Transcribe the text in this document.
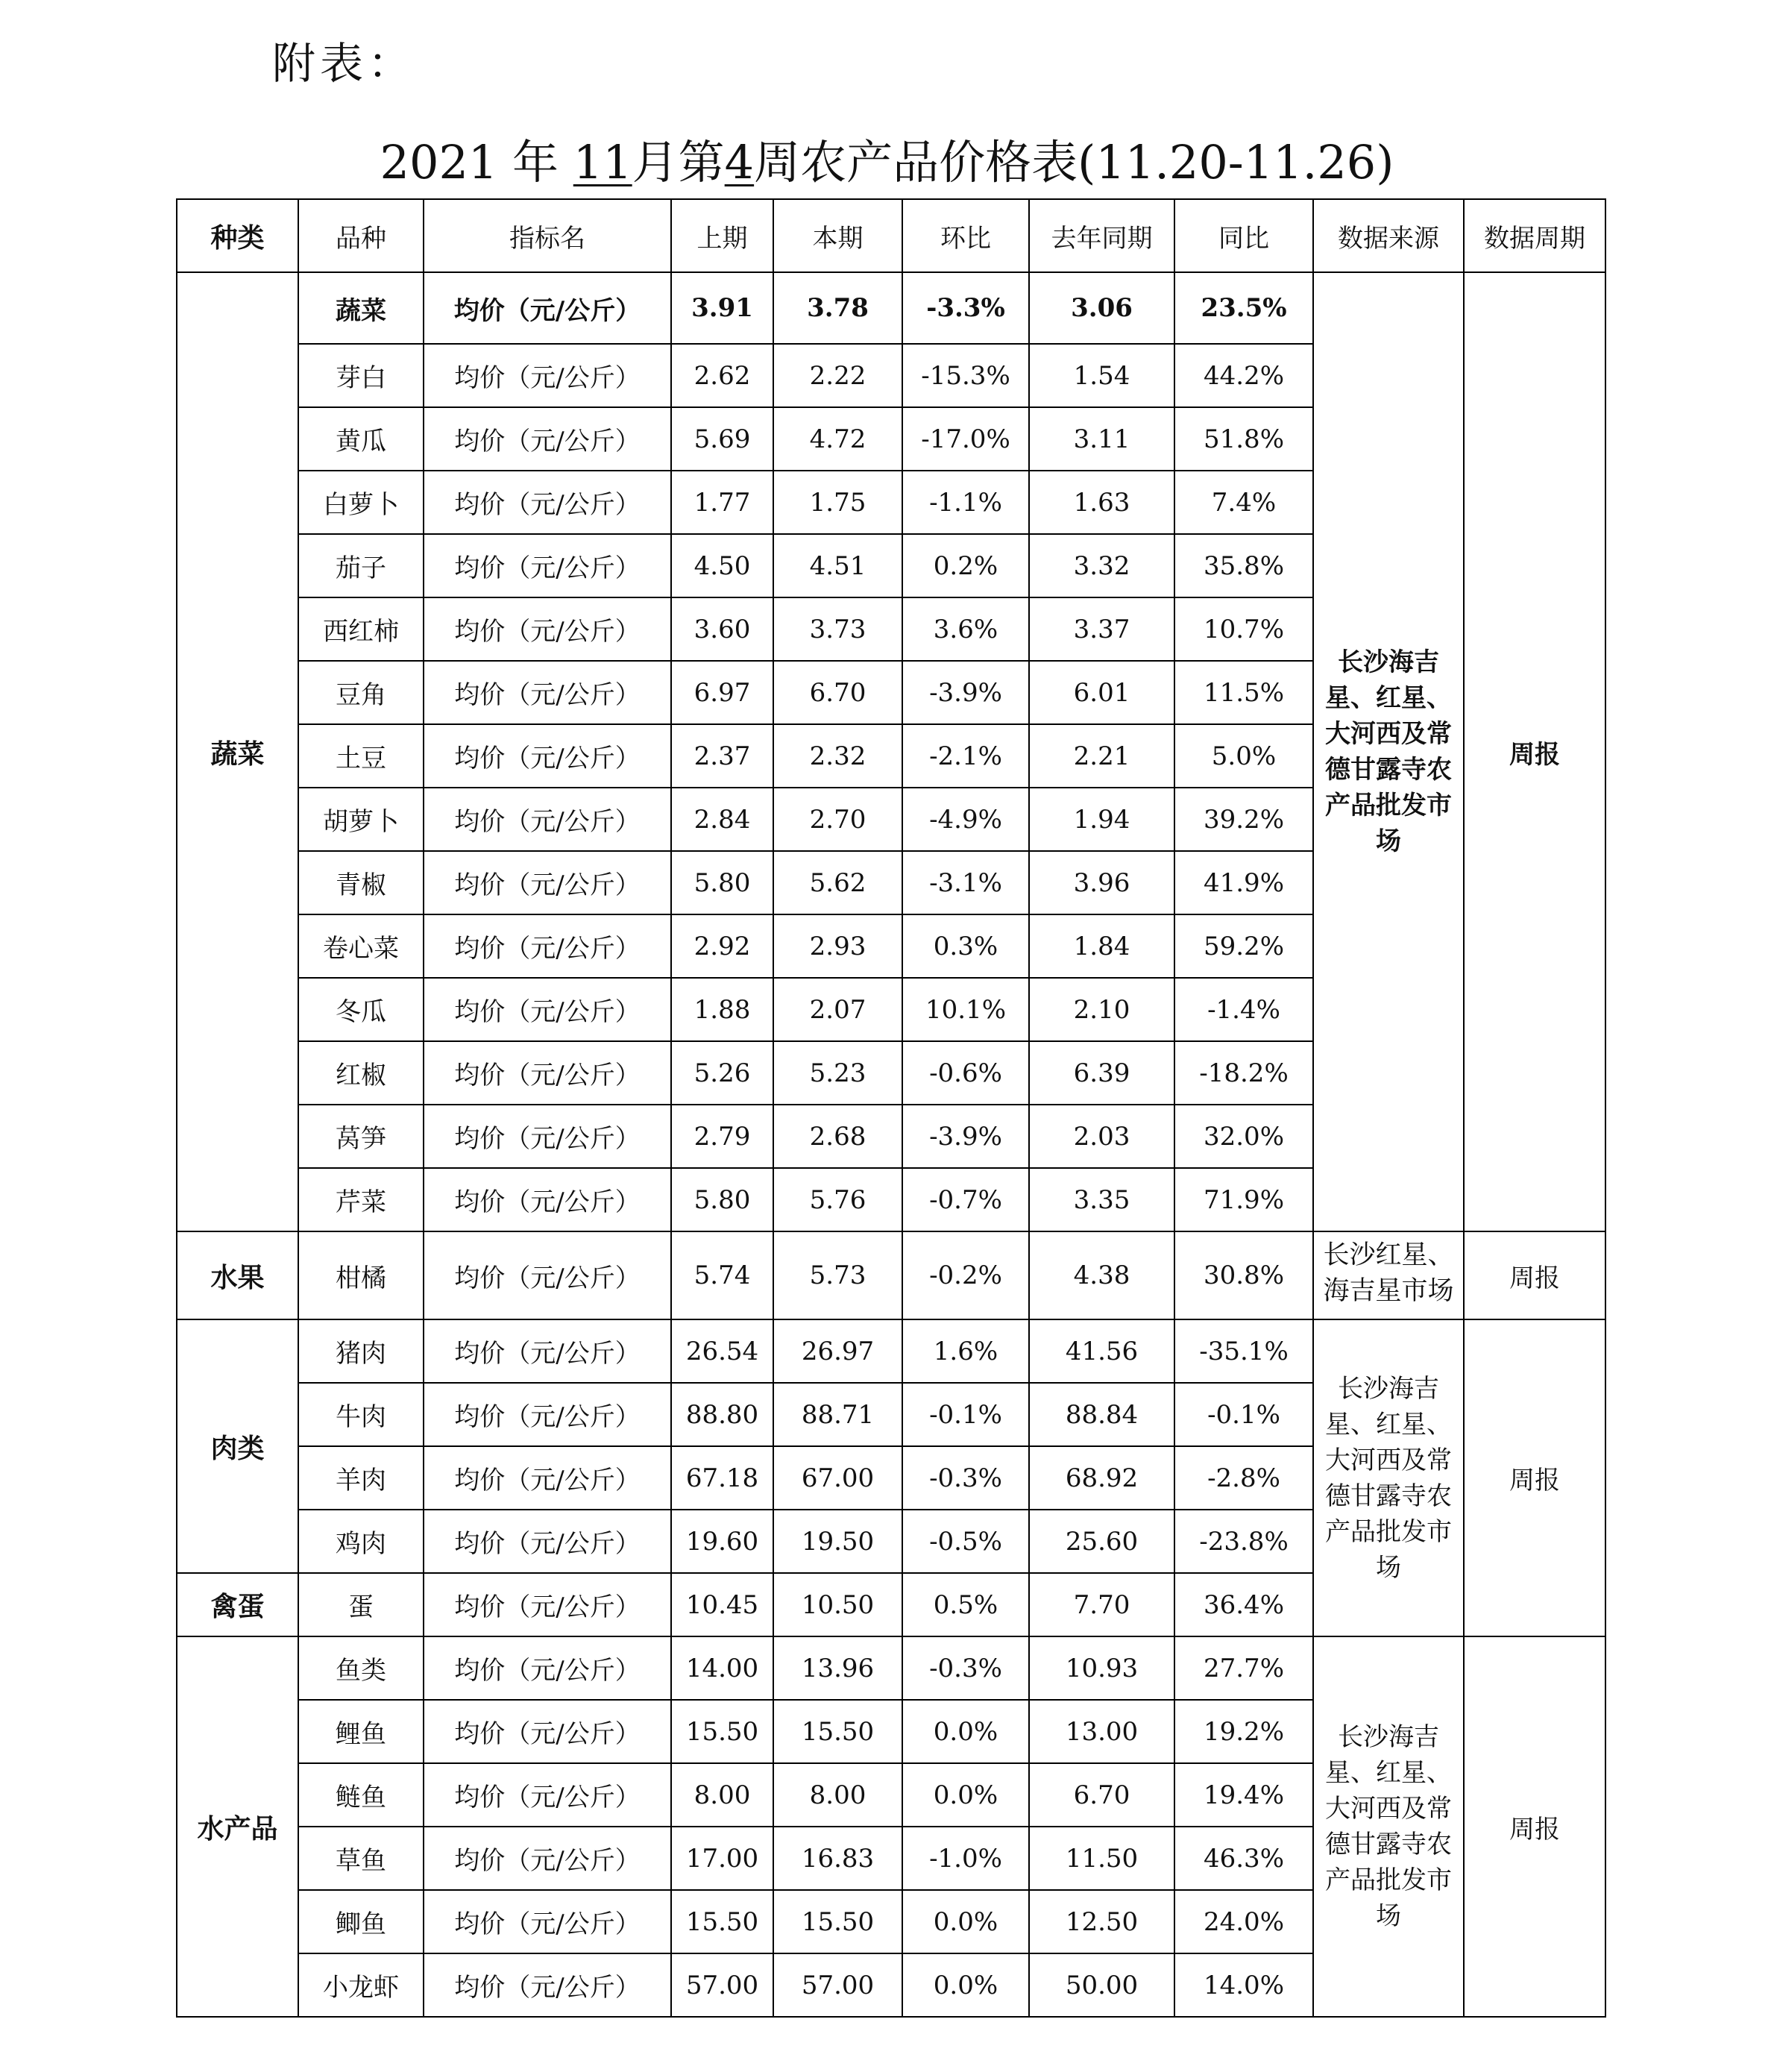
附表：
2021 年 11月第4周农产品价格表(11.20-11.26)
种类	品种	指标名	上期	本期	环比	去年同期	同比	数据来源	数据周期
蔬菜	蔬菜	均价（元/公斤）	3.91	3.78	-3.3%	3.06	23.5%	长沙海吉星、红星、大河西及常德甘露寺农产品批发市场	周报
	芽白	均价（元/公斤）	2.62	2.22	-15.3%	1.54	44.2%		
	黄瓜	均价（元/公斤）	5.69	4.72	-17.0%	3.11	51.8%		
	白萝卜	均价（元/公斤）	1.77	1.75	-1.1%	1.63	7.4%		
	茄子	均价（元/公斤）	4.50	4.51	0.2%	3.32	35.8%		
	西红柿	均价（元/公斤）	3.60	3.73	3.6%	3.37	10.7%		
	豆角	均价（元/公斤）	6.97	6.70	-3.9%	6.01	11.5%		
	土豆	均价（元/公斤）	2.37	2.32	-2.1%	2.21	5.0%		
	胡萝卜	均价（元/公斤）	2.84	2.70	-4.9%	1.94	39.2%		
	青椒	均价（元/公斤）	5.80	5.62	-3.1%	3.96	41.9%		
	卷心菜	均价（元/公斤）	2.92	2.93	0.3%	1.84	59.2%		
	冬瓜	均价（元/公斤）	1.88	2.07	10.1%	2.10	-1.4%		
	红椒	均价（元/公斤）	5.26	5.23	-0.6%	6.39	-18.2%		
	莴笋	均价（元/公斤）	2.79	2.68	-3.9%	2.03	32.0%		
	芹菜	均价（元/公斤）	5.80	5.76	-0.7%	3.35	71.9%		
水果	柑橘	均价（元/公斤）	5.74	5.73	-0.2%	4.38	30.8%	长沙红星、海吉星市场	周报
肉类	猪肉	均价（元/公斤）	26.54	26.97	1.6%	41.56	-35.1%	长沙海吉星、红星、大河西及常德甘露寺农产品批发市场	周报
	牛肉	均价（元/公斤）	88.80	88.71	-0.1%	88.84	-0.1%		
	羊肉	均价（元/公斤）	67.18	67.00	-0.3%	68.92	-2.8%		
	鸡肉	均价（元/公斤）	19.60	19.50	-0.5%	25.60	-23.8%		
禽蛋	蛋	均价（元/公斤）	10.45	10.50	0.5%	7.70	36.4%		
水产品	鱼类	均价（元/公斤）	14.00	13.96	-0.3%	10.93	27.7%	长沙海吉星、红星、大河西及常德甘露寺农产品批发市场	周报
	鲤鱼	均价（元/公斤）	15.50	15.50	0.0%	13.00	19.2%		
	鲢鱼	均价（元/公斤）	8.00	8.00	0.0%	6.70	19.4%		
	草鱼	均价（元/公斤）	17.00	16.83	-1.0%	11.50	46.3%		
	鲫鱼	均价（元/公斤）	15.50	15.50	0.0%	12.50	24.0%		
	小龙虾	均价（元/公斤）	57.00	57.00	0.0%	50.00	14.0%		
